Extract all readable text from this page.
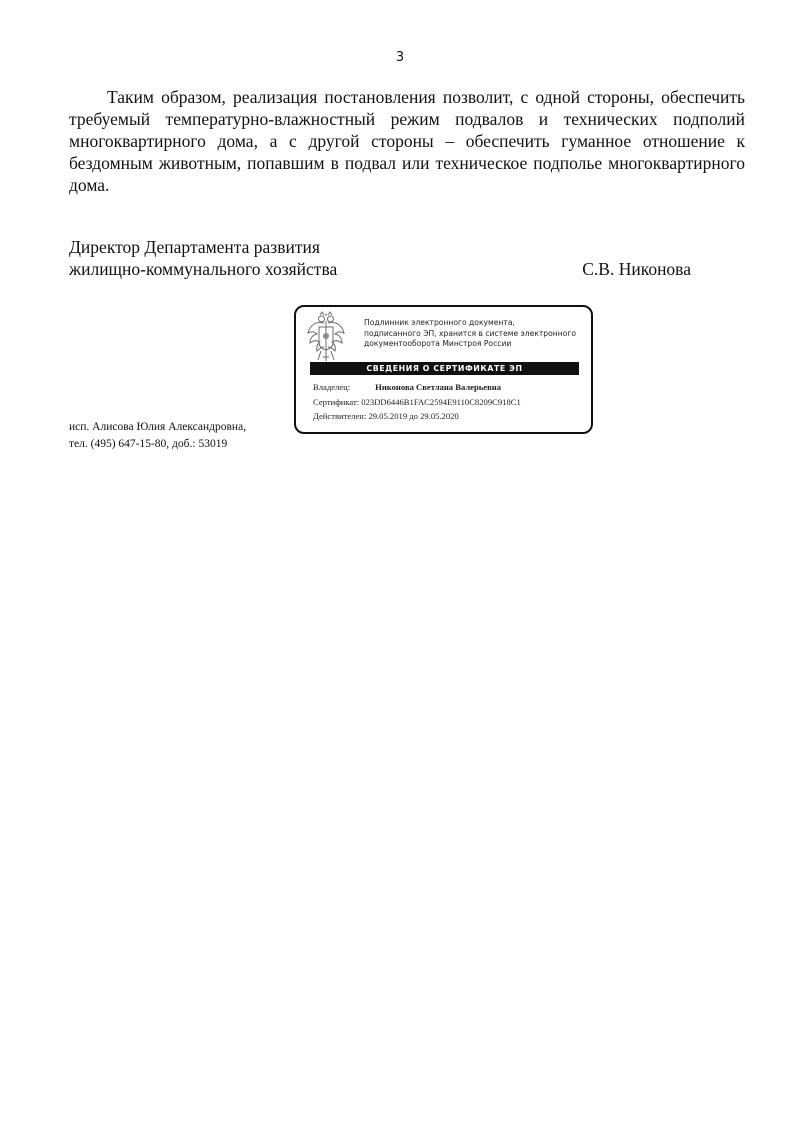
3

Таким образом, реализация постановления позволит, с одной стороны, обеспечить требуемый температурно-влажностный режим подвалов и технических подполий многоквартирного дома, а с другой стороны – обеспечить гуманное отношение к бездомным животным, попавшим в подвал или техническое подполье многоквартирного дома.

Директор Департамента развития
жилищно-коммунального хозяйства	С.В. Никонова
Подлинник электронного документа,
подписанного ЭП, хранится в системе электронного
документооборота Минстроя России
СВЕДЕНИЯ О СЕРТИФИКАТЕ ЭП
Владелец:	Никонова Светлана Валерьевна
Сертификат: 023DD6446B1FAC2594E9110C8209C918C1
Действителен: 29.05.2019 до 29.05.2020
исп. Алисова Юлия Александровна,
тел. (495) 647-15-80, доб.: 53019
